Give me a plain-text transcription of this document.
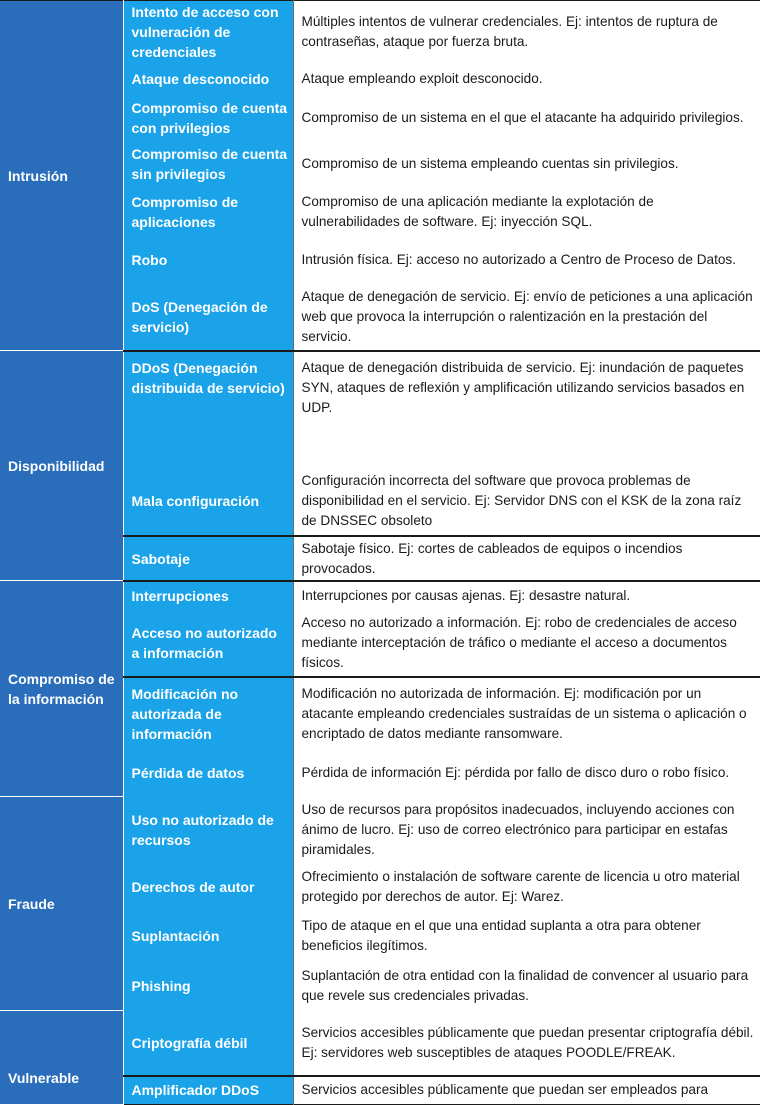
Intrusión	Intento de acceso con vulneración de credenciales	Múltiples intentos de vulnerar credenciales. Ej: intentos de ruptura de contraseñas, ataque por fuerza bruta.
	Ataque desconocido	Ataque empleando exploit desconocido.
	Compromiso de cuenta con privilegios	Compromiso de un sistema en el que el atacante ha adquirido privilegios.
	Compromiso de cuenta sin privilegios	Compromiso de un sistema empleando cuentas sin privilegios.
	Compromiso de aplicaciones	Compromiso de una aplicación mediante la explotación de vulnerabilidades de software. Ej: inyección SQL.
	Robo	Intrusión física. Ej: acceso no autorizado a Centro de Proceso de Datos.
	DoS (Denegación de servicio)	Ataque de denegación de servicio. Ej: envío de peticiones a una aplicación web que provoca la interrupción o ralentización en la prestación del servicio.
Disponibilidad	DDoS (Denegación distribuida de servicio)	Ataque de denegación distribuida de servicio. Ej: inundación de paquetes SYN, ataques de reflexión y amplificación utilizando servicios basados en UDP.
	Mala configuración	Configuración incorrecta del software que provoca problemas de disponibilidad en el servicio. Ej: Servidor DNS con el KSK de la zona raíz de DNSSEC obsoleto
	Sabotaje	Sabotaje físico. Ej: cortes de cableados de equipos o incendios provocados.
Compromiso de la información	Interrupciones	Interrupciones por causas ajenas. Ej: desastre natural.
	Acceso no autorizado a información	Acceso no autorizado a información. Ej: robo de credenciales de acceso mediante interceptación de tráfico o mediante el acceso a documentos físicos.
	Modificación no autorizada de información	Modificación no autorizada de información. Ej: modificación por un atacante empleando credenciales sustraídas de un sistema o aplicación o encriptado de datos mediante ransomware.
	Pérdida de datos	Pérdida de información Ej: pérdida por fallo de disco duro o robo físico.
Fraude	Uso no autorizado de recursos	Uso de recursos para propósitos inadecuados, incluyendo acciones con ánimo de lucro. Ej: uso de correo electrónico para participar en estafas piramidales.
	Derechos de autor	Ofrecimiento o instalación de software carente de licencia u otro material protegido por derechos de autor. Ej: Warez.
	Suplantación	Tipo de ataque en el que una entidad suplanta a otra para obtener beneficios ilegítimos.
	Phishing	Suplantación de otra entidad con la finalidad de convencer al usuario para que revele sus credenciales privadas.
Vulnerable	Criptografía débil	Servicios accesibles públicamente que puedan presentar criptografía débil. Ej: servidores web susceptibles de ataques POODLE/FREAK.
	Amplificador DDoS	Servicios accesibles públicamente que puedan ser empleados para
